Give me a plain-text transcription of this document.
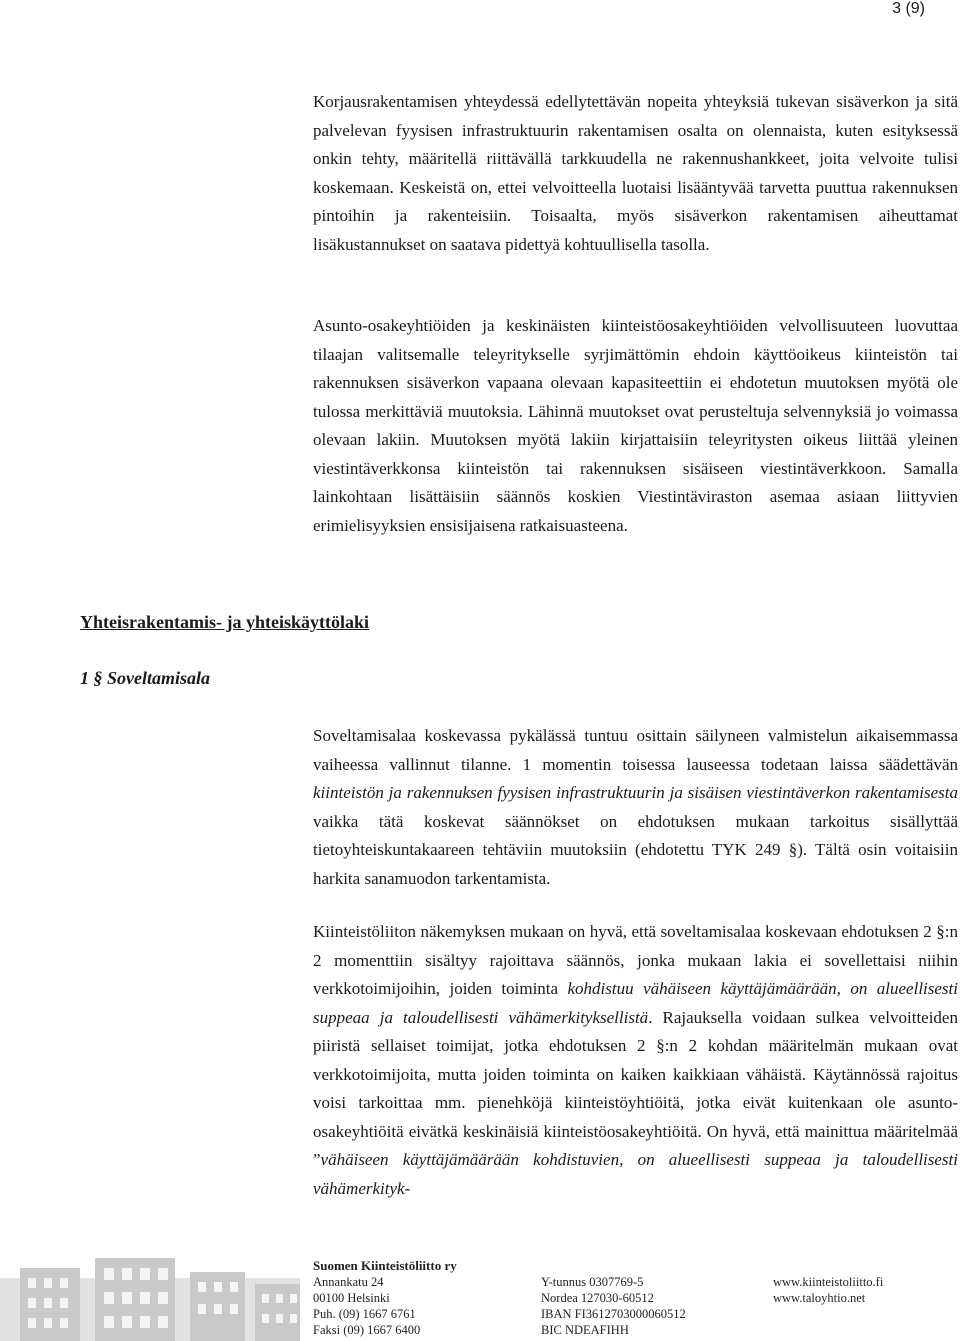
3 (9)

Korjausrakentamisen yhteydessä edellytettävän nopeita yhteyksiä tukevan sisäverkon ja sitä palvelevan fyysisen infrastruktuurin rakentamisen osalta on olennaista, kuten esityksessä onkin tehty, määritellä riittävällä tarkkuudella ne rakennushankkeet, joita velvoite tulisi koskemaan. Keskeistä on, ettei velvoitteella luotaisi lisääntyvää tarvetta puuttua rakennuksen pintoihin ja rakenteisiin. Toisaalta, myös sisäverkon rakentamisen aiheuttamat lisäkustannukset on saatava pidettyä kohtuullisella tasolla.

Asunto-osakeyhtiöiden ja keskinäisten kiinteistöosakeyhtiöiden velvollisuuteen luovuttaa tilaajan valitsemalle teleyritykselle syrjimättömin ehdoin käyttöoikeus kiinteistön tai rakennuksen sisäverkon vapaana olevaan kapasiteettiin ei ehdotetun muutoksen myötä ole tulossa merkittäviä muutoksia. Lähinnä muutokset ovat perusteltuja selvennyksiä jo voimassa olevaan lakiin. Muutoksen myötä lakiin kirjattaisiin teleyritysten oikeus liittää yleinen viestintäverkkonsa kiinteistön tai rakennuksen sisäiseen viestintäverkkoon. Samalla lainkohtaan lisättäisiin säännös koskien Viestintäviraston asemaa asiaan liittyvien erimielisyyksien ensisijaisena ratkaisuasteena.

Yhteisrakentamis- ja yhteiskäyttölaki
1 § Soveltamisala

Soveltamisalaa koskevassa pykälässä tuntuu osittain säilyneen valmistelun aikaisemmassa vaiheessa vallinnut tilanne. 1 momentin toisessa lauseessa todetaan laissa säädettävän kiinteistön ja rakennuksen fyysisen infrastruktuurin ja sisäisen viestintäverkon rakentamisesta vaikka tätä koskevat säännökset on ehdotuksen mukaan tarkoitus sisällyttää tietoyhteiskuntakaareen tehtäviin muutoksiin (ehdotettu TYK 249 §). Tältä osin voitaisiin harkita sanamuodon tarkentamista.

Kiinteistöliiton näkemyksen mukaan on hyvä, että soveltamisalaa koskevaan ehdotuksen 2 §:n 2 momenttiin sisältyy rajoittava säännös, jonka mukaan lakia ei sovellettaisi niihin verkkotoimijoihin, joiden toiminta kohdistuu vähäiseen käyttäjämäärään, on alueellisesti suppeaa ja taloudellisesti vähämerkityksellistä. Rajauksella voidaan sulkea velvoitteiden piiristä sellaiset toimijat, jotka ehdotuksen 2 §:n 2 kohdan määritelmän mukaan ovat verkkotoimijoita, mutta joiden toiminta on kaiken kaikkiaan vähäistä. Käytännössä rajoitus voisi tarkoittaa mm. pienehköjä kiinteistöyhtiöitä, jotka eivät kuitenkaan ole asunto-osakeyhtiöitä eivätkä keskinäisiä kiinteistöosakeyhtiöitä. On hyvä, että mainittua määritelmää ”vähäiseen käyttäjämäärään kohdistuvien, on alueellisesti suppeaa ja taloudellisesti vähämerkityk-

Suomen Kiinteistöliitto ry
Annankatu 24
00100 Helsinki
Puh. (09) 1667 6761
Faksi (09) 1667 6400
Y-tunnus 0307769-5
Nordea 127030-60512
IBAN FI3612703000060512
BIC NDEAFIHH
www.kiinteistoliitto.fi
www.taloyhtio.net
